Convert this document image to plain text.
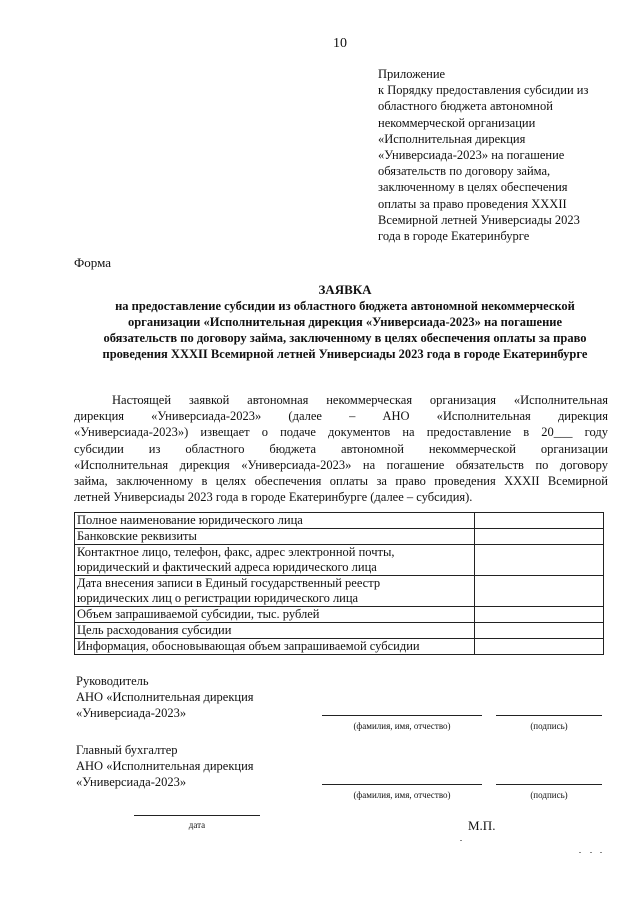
10
Приложение
к Порядку предоставления субсидии из
областного бюджета автономной
некоммерческой организации
«Исполнительная дирекция
«Универсиада-2023» на погашение
обязательств по договору займа,
заключенному в целях обеспечения
оплаты за право проведения XXXII
Всемирной летней Универсиады 2023
года в городе Екатеринбурге
Форма
ЗАЯВКА
на предоставление субсидии из областного бюджета автономной некоммерческой
организации «Исполнительная дирекция «Универсиада-2023» на погашение
обязательств по договору займа, заключенному в целях обеспечения оплаты за право
проведения XXXII Всемирной летней Универсиады 2023 года в городе Екатеринбурге
Настоящей заявкой автономная некоммерческая организация «Исполнительная
дирекция «Универсиада-2023» (далее – АНО «Исполнительная дирекция
«Универсиада-2023») извещает о подаче документов на предоставление в 20___ году
субсидии из областного бюджета автономной некоммерческой организации
«Исполнительная дирекция «Универсиада-2023» на погашение обязательств по договору
займа, заключенному в целях обеспечения оплаты за право проведения XXXII Всемирной
летней Универсиады 2023 года в городе Екатеринбурге (далее – субсидия).
Полное наименование юридического лица	

Банковские реквизиты	

Контактное лицо, телефон, факс, адрес электронной почты,
юридический и фактический адреса юридического лица	

Дата внесения записи в Единый государственный реестр
юридических лиц о регистрации юридического лица	

Объем запрашиваемой субсидии, тыс. рублей	

Цель расходования субсидии	

Информация, обосновывающая объем запрашиваемой субсидии	

Руководитель
АНО «Исполнительная дирекция
«Универсиада-2023»
(фамилия, имя, отчество)	(подпись)
Главный бухгалтер
АНО «Исполнительная дирекция
«Универсиада-2023»
(фамилия, имя, отчество)	(подпись)
дата	М.П.
